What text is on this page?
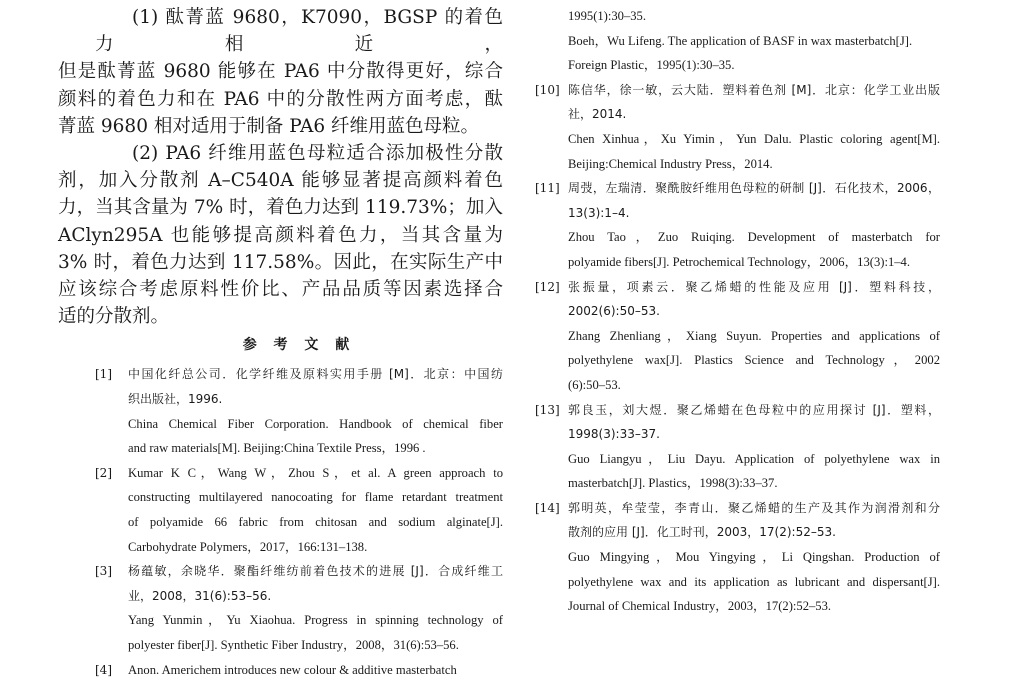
(1) 酞菁蓝 9680，K7090，BGSP 的着色力相近，
但是酞菁蓝 9680 能够在 PA6 中分散得更好，综合
颜料的着色力和在 PA6 中的分散性两方面考虑，酞
菁蓝 9680 相对适用于制备 PA6 纤维用蓝色母粒。
(2) PA6 纤维用蓝色母粒适合添加极性分散
剂，加入分散剂 A–C540A 能够显著提高颜料着色
力，当其含量为 7% 时，着色力达到 119.73%；加入
AClyn295A 也能够提高颜料着色力，当其含量为
3% 时，着色力达到 117.58%。因此，在实际生产中
应该综合考虑原料性价比、产品品质等因素选择合
适的分散剂。
参 考 文 献
[1] 中国化纤总公司．化学纤维及原料实用手册 [M]．北京：中国纺
织出版社，1996.
China Chemical Fiber Corporation. Handbook of chemical fiber
and raw materials[M]. Beijing:China Textile Press，1996 .
[2] Kumar K C，Wang W，Zhou S，et al. A green approach to
constructing multilayered nanocoating for flame retardant treatment
of polyamide 66 fabric from chitosan and sodium alginate[J].
Carbohydrate Polymers，2017，166:131–138.
[3] 杨蕴敏，余晓华．聚酯纤维纺前着色技术的进展 [J]．合成纤维工
业，2008，31(6):53–56.
Yang Yunmin，Yu Xiaohua. Progress in spinning technology of
polyester fiber[J]. Synthetic Fiber Industry，2008，31(6):53–56.
[4] Anon. Americhem introduces new colour & additive masterbatch
1995(1):30–35.
Boeh，Wu Lifeng. The application of BASF in wax masterbatch[J].
Foreign Plastic，1995(1):30–35.
[10] 陈信华，徐一敏，云大陆．塑料着色剂 [M]．北京：化学工业出版
社，2014.
Chen Xinhua，Xu Yimin，Yun Dalu. Plastic coloring agent[M].
Beijing:Chemical Industry Press，2014.
[11] 周弢，左瑞清．聚酰胺纤维用色母粒的研制 [J]．石化技术，2006，
13(3):1–4.
Zhou Tao，Zuo Ruiqing. Development of masterbatch for
polyamide fibers[J]. Petrochemical Technology，2006，13(3):1–4.
[12] 张振量，项素云．聚乙烯蜡的性能及应用 [J]．塑料科技，
2002(6):50–53.
Zhang Zhenliang，Xiang Suyun. Properties and applications of
polyethylene wax[J]. Plastics Science and Technology，2002
(6):50–53.
[13] 郭良玉，刘大煜．聚乙烯蜡在色母粒中的应用探讨 [J]．塑料，
1998(3):33–37.
Guo Liangyu，Liu Dayu. Application of polyethylene wax in
masterbatch[J]. Plastics，1998(3):33–37.
[14] 郭明英，牟莹莹，李青山．聚乙烯蜡的生产及其作为润滑剂和分
散剂的应用 [J]．化工时刊，2003，17(2):52–53.
Guo Mingying，Mou Yingying，Li Qingshan. Production of
polyethylene wax and its application as lubricant and dispersant[J].
Journal of Chemical Industry，2003，17(2):52–53.
